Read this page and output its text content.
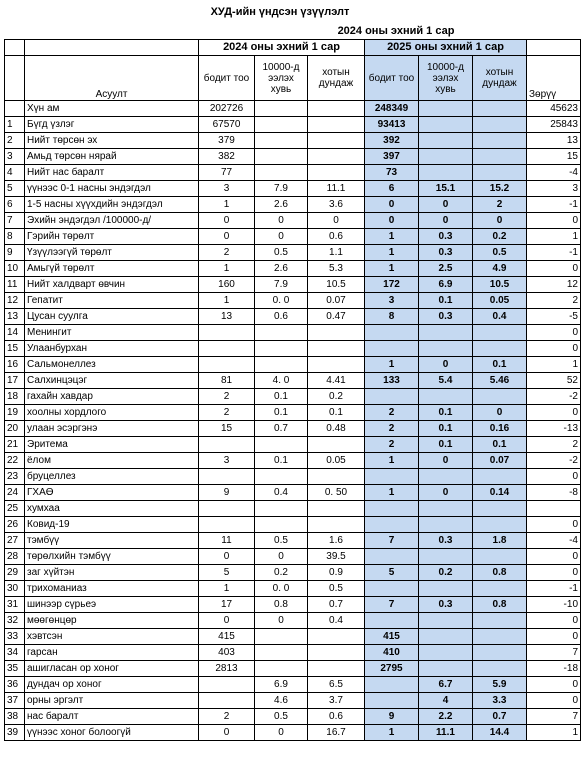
ХУД-ийн үндсэн үзүүлэлт
2024 оны эхний 1 сар
		2024 оны эхний 1 сар			2025 оны эхний 1 сар			
	Асуулт	бодит тоо	10000-д ээлэх хувь	хотын дундаж	бодит тоо	10000-д ээлэх хувь	хотын дундаж	Зөрүү
	Хүн ам	202726			248349			45623
1	Бүгд үзлэг	67570			93413			25843
2	Нийт төрсөн эх	379			392			13
3	Амьд төрсөн нярай	382			397			15
4	Нийт нас баралт	77			73			-4
5	үүнээс 0-1 насны эндэгдэл	3	7.9	11.1	6	15.1	15.2	3
6	1-5 насны хүүхдийн эндэгдэл	1	2.6	3.6	0	0	2	-1
7	Эхийн эндэгдэл /100000-д/	0	0	0	0	0	0	0
8	Гэрийн төрөлт	0	0	0.6	1	0.3	0.2	1
9	Үзүүлээгүй төрөлт	2	0.5	1.1	1	0.3	0.5	-1
10	Амьгүй төрөлт	1	2.6	5.3	1	2.5	4.9	0
11	Нийт халдварт өвчин	160	7.9	10.5	172	6.9	10.5	12
12	Гепатит	1	0. 0	0.07	3	0.1	0.05	2
13	Цусан суулга	13	0.6	0.47	8	0.3	0.4	-5
14	Менингит							0
15	Улаанбурхан							0
16	Сальмонеллез				1	0	0.1	1
17	Салхинцэцэг	81	4. 0	4.41	133	5.4	5.46	52
18	гахайн хавдар	2	0.1	0.2				-2
19	хоолны хордлого	2	0.1	0.1	2	0.1	0	0
20	улаан эсэргэнэ	15	0.7	0.48	2	0.1	0.16	-13
21	Эритема				2	0.1	0.1	2
22	ёлом	3	0.1	0.05	1	0	0.07	-2
23	бруцеллез							0
24	ГХАӨ	9	0.4	0. 50	1	0	0.14	-8
25	хумхаа							
26	Ковид-19							0
27	тэмбүү	11	0.5	1.6	7	0.3	1.8	-4
28	төрөлхийн тэмбүү	0	0	39.5				0
29	заг хүйтэн	5	0.2	0.9	5	0.2	0.8	0
30	трихоманиаз	1	0. 0	0.5				-1
31	шинээр сүрьеэ	17	0.8	0.7	7	0.3	0.8	-10
32	мөөгөнцөр	0	0	0.4				0
33	хэвтсэн	415			415			0
34	гарсан	403			410			7
35	ашигласан ор хоног	2813			2795			-18
36	дундач ор хоног		6.9	6.5		6.7	5.9	0
37	орны эргэлт		4.6	3.7		4	3.3	0
38	нас баралт	2	0.5	0.6	9	2.2	0.7	7
39	үүнээс хоног болоогүй	0	0	16.7	1	11.1	14.4	1
